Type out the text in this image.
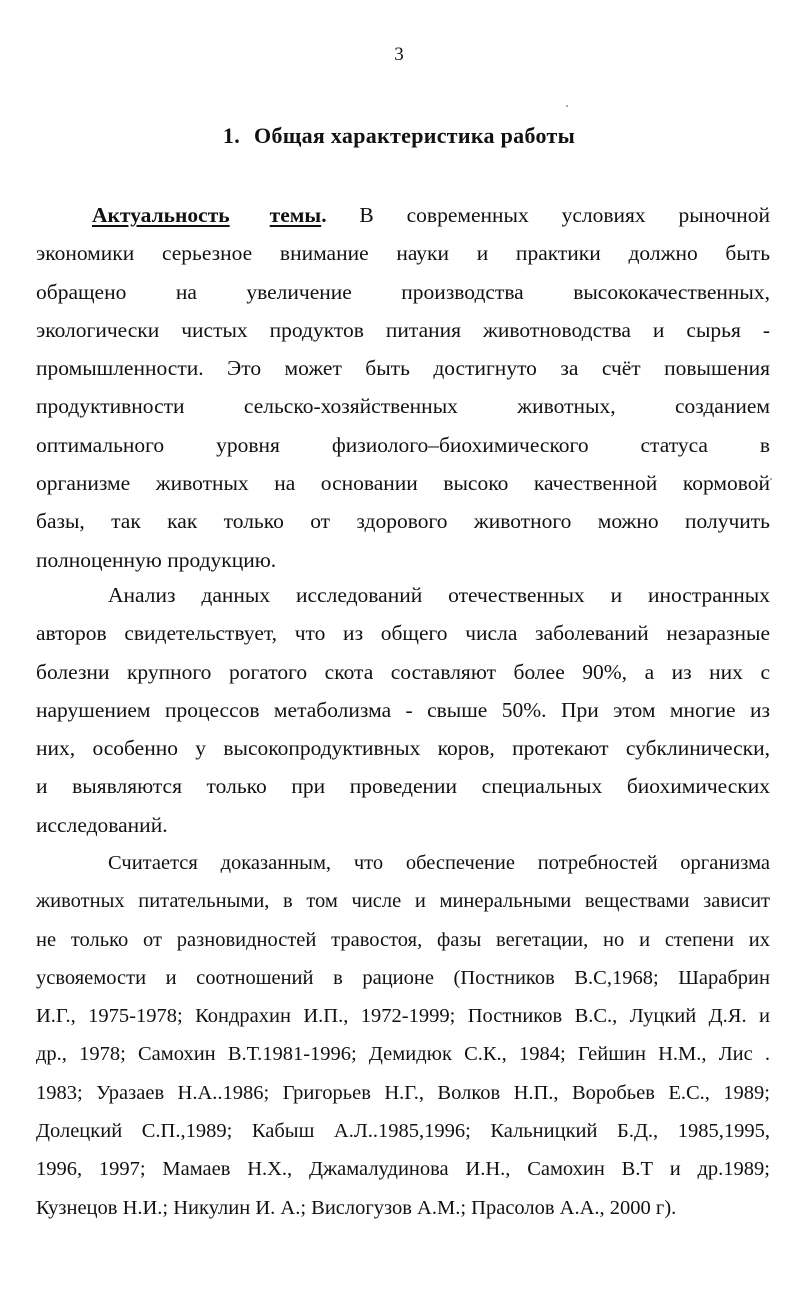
3
1. Общая характеристика работы
Актуальность темы. В современных условиях рыночной
экономики серьезное внимание науки и практики должно быть
обращено на увеличение производства высококачественных,
экологически чистых продуктов питания животноводства и сырья -
промышленности. Это может быть достигнуто за счёт повышения
продуктивности сельско-хозяйственных животных, созданием
оптимального уровня физиолого–биохимического статуса в
организме животных на основании высоко качественной кормовой
базы, так как только от здорового животного можно получить
полноценную продукцию.
Анализ данных исследований отечественных и иностранных
авторов свидетельствует, что из общего числа заболеваний незаразные
болезни крупного рогатого скота составляют более 90%, а из них с
нарушением процессов метаболизма - свыше 50%. При этом многие из
них, особенно у высокопродуктивных коров, протекают субклинически,
и выявляются только при проведении специальных биохимических
исследований.
Считается доказанным, что обеспечение потребностей организма
животных питательными, в том числе и минеральными веществами зависит
не только от разновидностей травостоя, фазы вегетации, но и степени их
усвояемости и соотношений в рационе (Постников В.С,1968; Шарабрин
И.Г., 1975-1978; Кондрахин И.П., 1972-1999; Постников В.С., Луцкий Д.Я. и
др., 1978; Самохин В.Т.1981-1996; Демидюк С.К., 1984; Гейшин Н.М., Лис .
1983; Уразаев Н.А..1986; Григорьев Н.Г., Волков Н.П., Воробьев Е.С., 1989;
Долецкий С.П.,1989; Кабыш А.Л..1985,1996; Кальницкий Б.Д., 1985,1995,
1996, 1997; Мамаев Н.Х., Джамалудинова И.Н., Самохин В.Т и др.1989;
Кузнецов Н.И.; Никулин И. А.; Вислогузов А.М.; Прасолов А.А., 2000 г).
